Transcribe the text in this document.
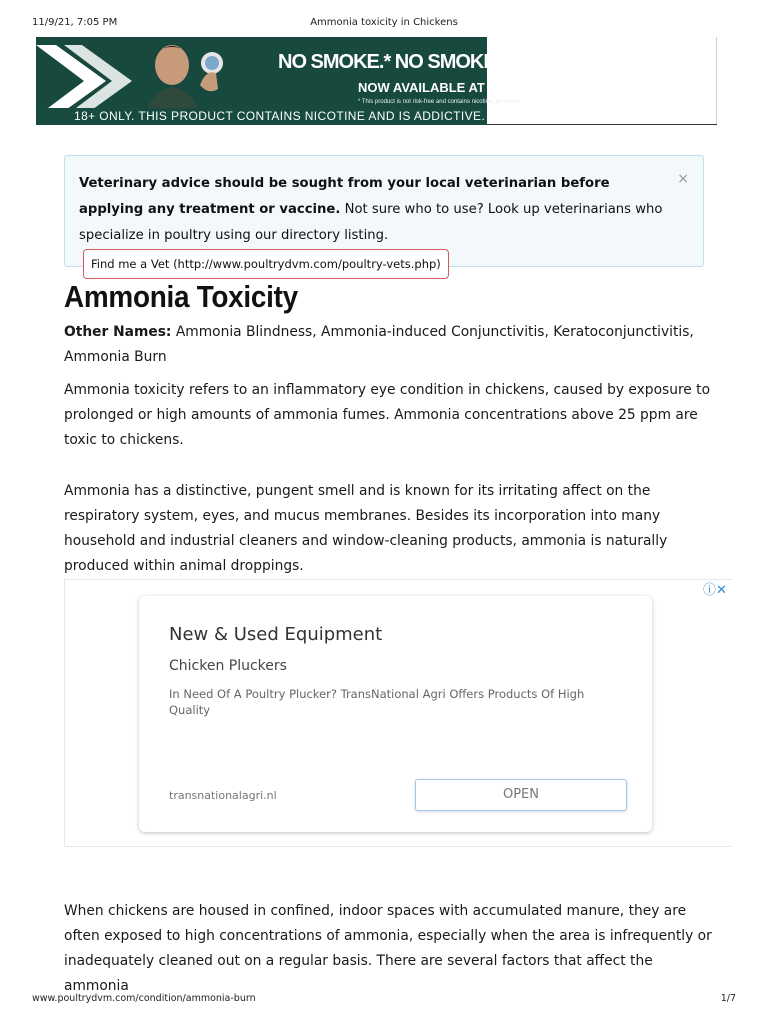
11/9/21, 7:05 PM	Ammonia toxicity in Chickens
NO SMOKE.* NO SMOKE SME
NOW AVAILABLE AT VELO
* This product is not risk-free and contains nicotine, an addict
18+ ONLY. THIS PRODUCT CONTAINS NICOTINE AND IS ADDICTIVE.
×
Veterinary advice should be sought from your local veterinarian before applying any treatment or vaccine. Not sure who to use? Look up veterinarians who specialize in poultry using our directory listing. Find me a Vet (http://www.poultrydvm.com/poultry-vets.php)
Ammonia Toxicity

Other Names: Ammonia Blindness, Ammonia-induced Conjunctivitis, Keratoconjunctivitis, Ammonia Burn

Ammonia toxicity refers to an inflammatory eye condition in chickens, caused by exposure to prolonged or high amounts of ammonia fumes. Ammonia concentrations above 25 ppm are toxic to chickens.

Ammonia has a distinctive, pungent smell and is known for its irritating affect on the respiratory system, eyes, and mucus membranes. Besides its incorporation into many household and industrial cleaners and window-cleaning products, ammonia is naturally produced within animal droppings.

ⓘ✕
New & Used Equipment
Chicken Pluckers
In Need Of A Poultry Plucker? TransNational Agri Offers Products Of High Quality
transnationalagri.nl	OPEN

When chickens are housed in confined, indoor spaces with accumulated manure, they are often exposed to high concentrations of ammonia, especially when the area is infrequently or inadequately cleaned out on a regular basis. There are several factors that affect the ammonia

www.poultrydvm.com/condition/ammonia-burn	1/7
